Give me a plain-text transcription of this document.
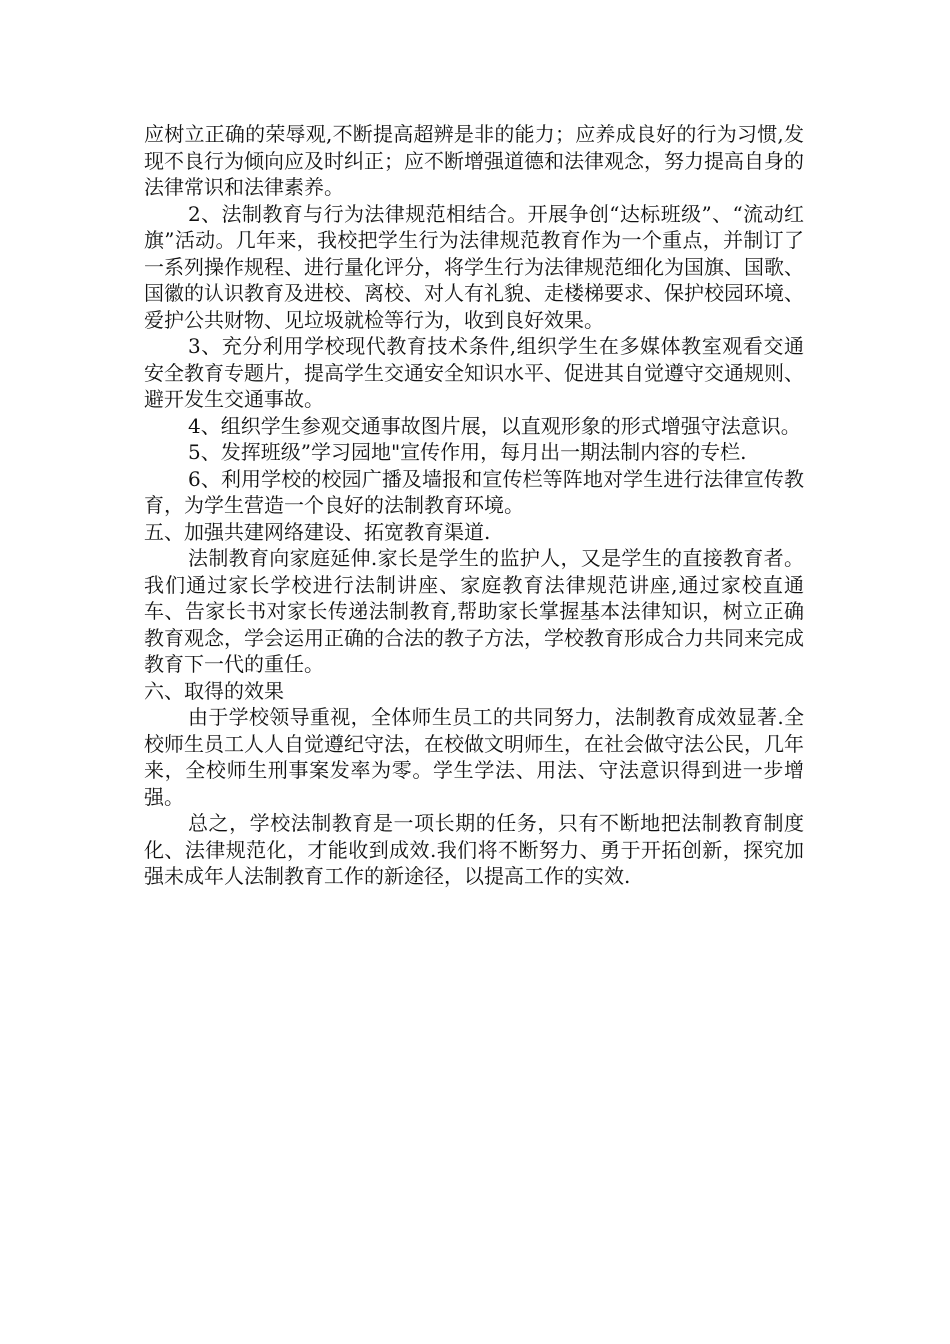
应树立正确的荣辱观,不断提高超辨是非的能力；应养成良好的行为习惯,发现不良行为倾向应及时纠正；应不断增强道德和法律观念，努力提高自身的法律常识和法律素养。

2、法制教育与行为法律规范相结合。开展争创“达标班级”、“流动红旗”活动。几年来，我校把学生行为法律规范教育作为一个重点，并制订了一系列操作规程、进行量化评分，将学生行为法律规范细化为国旗、国歌、国徽的认识教育及进校、离校、对人有礼貌、走楼梯要求、保护校园环境、爱护公共财物、见垃圾就检等行为，收到良好效果。

3、充分利用学校现代教育技术条件,组织学生在多媒体教室观看交通安全教育专题片，提高学生交通安全知识水平、促进其自觉遵守交通规则、避开发生交通事故。

4、组织学生参观交通事故图片展，以直观形象的形式增强守法意识。

5、发挥班级”学习园地"宣传作用，每月出一期法制内容的专栏.

6、利用学校的校园广播及墙报和宣传栏等阵地对学生进行法律宣传教育，为学生营造一个良好的法制教育环境。

五、加强共建网络建设、拓宽教育渠道.

法制教育向家庭延伸.家长是学生的监护人，又是学生的直接教育者。我们通过家长学校进行法制讲座、家庭教育法律规范讲座,通过家校直通车、告家长书对家长传递法制教育,帮助家长掌握基本法律知识，树立正确教育观念，学会运用正确的合法的教子方法，学校教育形成合力共同来完成教育下一代的重任。

六、取得的效果

由于学校领导重视，全体师生员工的共同努力，法制教育成效显著.全校师生员工人人自觉遵纪守法，在校做文明师生，在社会做守法公民，几年来，全校师生刑事案发率为零。学生学法、用法、守法意识得到进一步增强。

总之，学校法制教育是一项长期的任务，只有不断地把法制教育制度化、法律规范化，才能收到成效.我们将不断努力、勇于开拓创新，探究加强未成年人法制教育工作的新途径，以提高工作的实效.
